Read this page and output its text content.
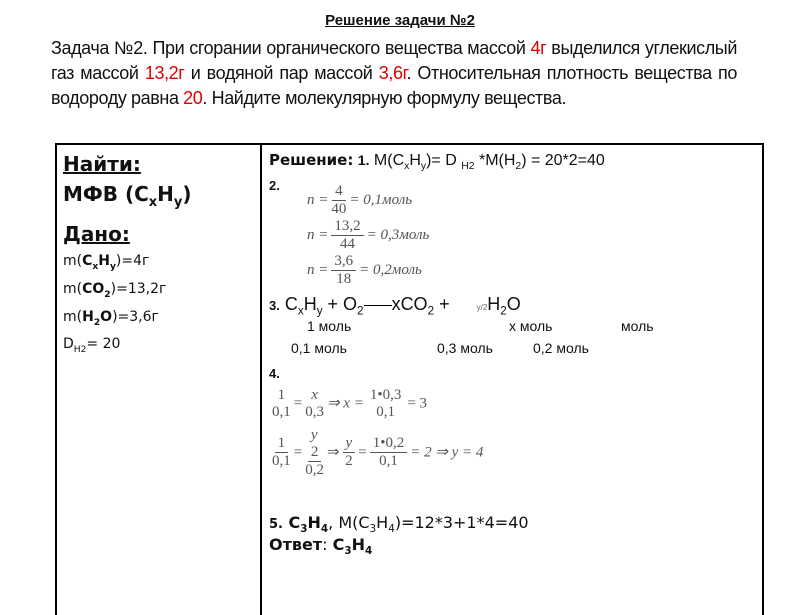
Решение задачи №2
Задача №2. При сгорании органического вещества массой 4г выделился углекислый газ массой 13,2г и водяной пар массой 3,6г. Относительная плотность вещества по водороду равна 20. Найдите молекулярную формулу вещества.
Найти:
МФВ $(C_xH_y)$
Дано:
$m(C_xH_y)=4г$
$m(CO_2)=13,2г$
$m(H_2O)=3,6г$
$D_{H2}= 20$
Решение: 1. $M(C_xH_y)= D$ $_{H2}$ $*M(H_2) = 20*2=40$
2.
$n = \frac{4}{40}$ = 0,1моль
$n = \frac{13,2}{44}$ = 0,3моль
$n = \frac{3,6}{18}$ = 0,2моль
3. $C_xH_y + O_2$ xCO$_2$ +	$y/2H_2O$
1 моль	x моль	моль
0,1 моль	0,3 моль	0,2 моль
4.
1
0,1
=
x
0,3
⇒ x =
1•0,3
0,1
= 3
$\frac{1}{0,1}$ =
y
2
0,2
⇒ $\frac{y}{2} = \frac{1•0,2}{0,1} = 2$ ⇒ y = 4
5. $C_3H_4$, $M(C_3H_4)=12*3+1*4=40$
Ответ: $C_3H_4$
